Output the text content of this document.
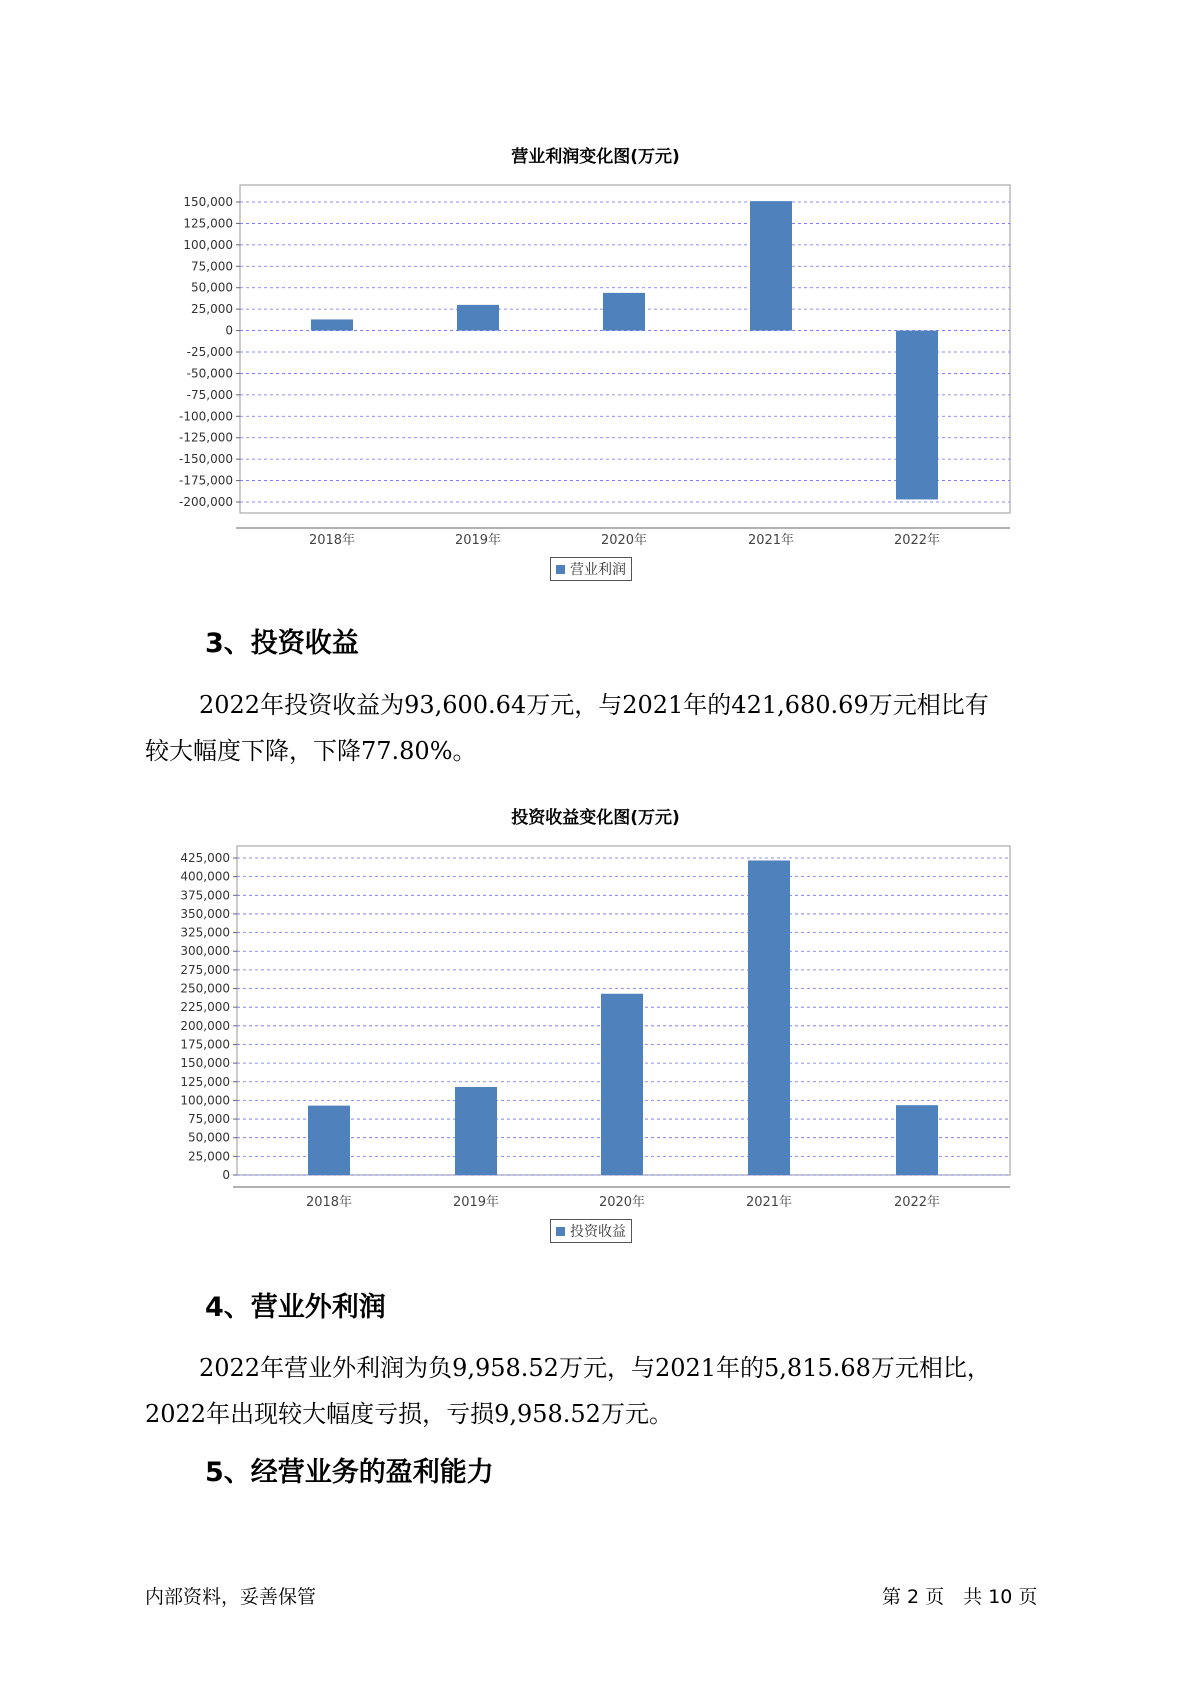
营业利润变化图(万元)
150,000
125,000
100,000
75,000
50,000
25,000
0
-25,000
-50,000
-75,000
-100,000
-125,000
-150,000
-175,000
-200,000
2018年	2019年	2020年	2021年	2022年
营业利润
3、投资收益
2022年投资收益为93,600.64万元，与2021年的421,680.69万元相比有
较大幅度下降，下降77.80%。
投资收益变化图(万元)
425,000
400,000
375,000
350,000
325,000
300,000
275,000
250,000
225,000
200,000
175,000
150,000
125,000
100,000
75,000
50,000
25,000
0
2018年	2019年	2020年	2021年	2022年
投资收益
4、营业外利润
2022年营业外利润为负9,958.52万元，与2021年的5,815.68万元相比，
2022年出现较大幅度亏损，亏损9,958.52万元。
5、经营业务的盈利能力
内部资料，妥善保管	第 2 页　共 10 页
